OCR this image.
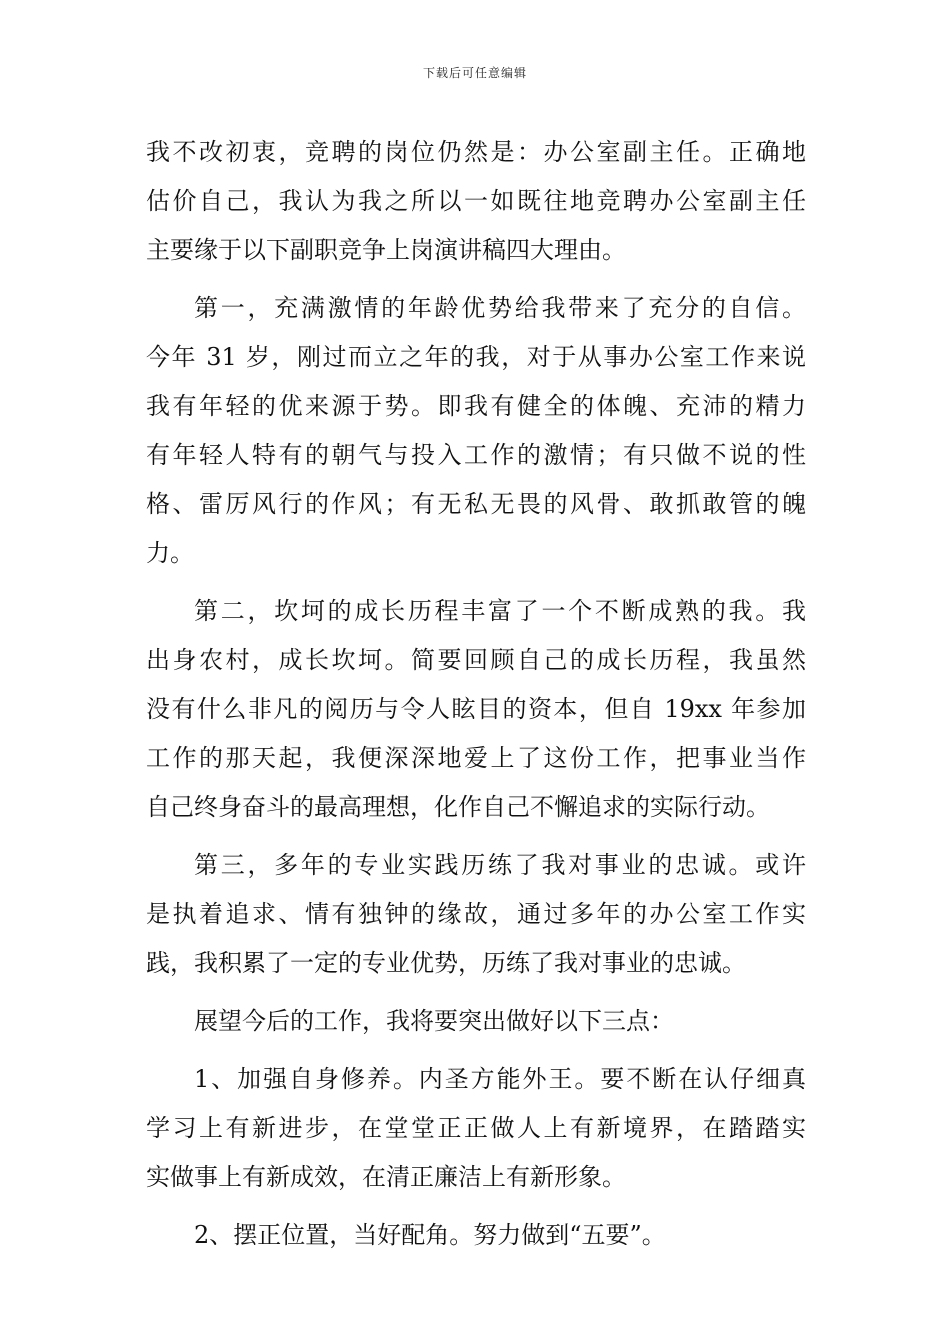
下载后可任意编辑
我不改初衷，竞聘的岗位仍然是：办公室副主任。正确地
估价自己，我认为我之所以一如既往地竞聘办公室副主任
主要缘于以下副职竞争上岗演讲稿四大理由。
第一，充满激情的年龄优势给我带来了充分的自信。
今年 31 岁，刚过而立之年的我，对于从事办公室工作来说
我有年轻的优来源于势。即我有健全的体魄、充沛的精力
有年轻人特有的朝气与投入工作的激情；有只做不说的性
格、雷厉风行的作风；有无私无畏的风骨、敢抓敢管的魄
力。
第二，坎坷的成长历程丰富了一个不断成熟的我。我
出身农村，成长坎坷。简要回顾自己的成长历程，我虽然
没有什么非凡的阅历与令人眩目的资本，但自 19xx 年参加
工作的那天起，我便深深地爱上了这份工作，把事业当作
自己终身奋斗的最高理想，化作自己不懈追求的实际行动。
第三，多年的专业实践历练了我对事业的忠诚。或许
是执着追求、情有独钟的缘故，通过多年的办公室工作实
践，我积累了一定的专业优势，历练了我对事业的忠诚。
展望今后的工作，我将要突出做好以下三点：
1、加强自身修养。内圣方能外王。要不断在认仔细真
学习上有新进步，在堂堂正正做人上有新境界，在踏踏实
实做事上有新成效，在清正廉洁上有新形象。
2、摆正位置，当好配角。努力做到“五要”。
